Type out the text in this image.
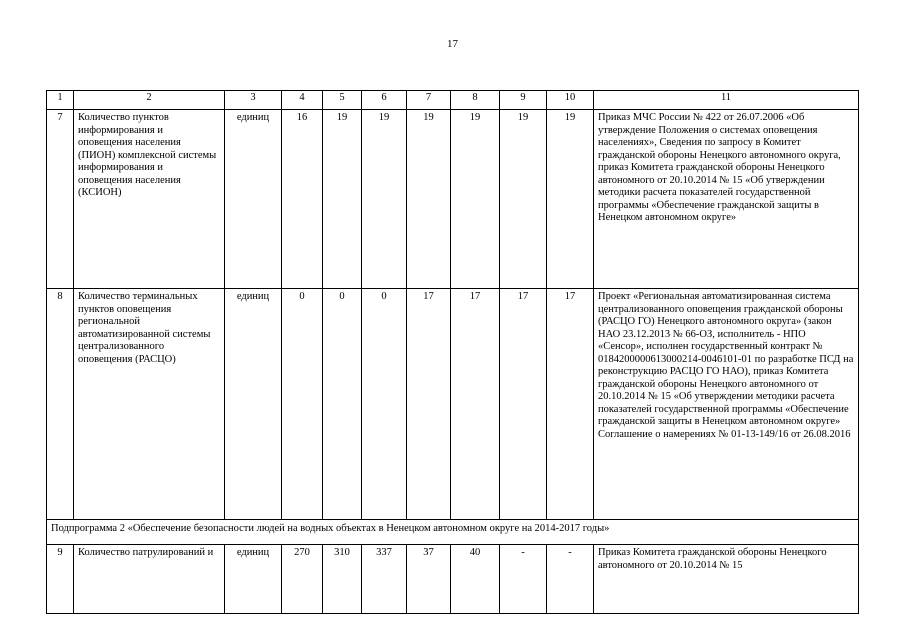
17
1	2	3	4	5	6	7	8	9	10	11
7	Количество пунктов информирования и оповещения населения (ПИОН) комплексной системы информирования и оповещения населения (КСИОН)	единиц	16	19	19	19	19	19	19	Приказ МЧС России № 422 от 26.07.2006 «Об утверждение Положения о системах оповещения населениях», Сведения по запросу в Комитет гражданской обороны Ненецкого автономного округа, приказ Комитета гражданской обороны Ненецкого автономного от 20.10.2014 № 15 «Об утверждении методики расчета показателей государственной программы «Обеспечение гражданской защиты в Ненецком автономном округе»
8	Количество терминальных пунктов оповещения региональной автоматизированной системы централизованного оповещения (РАСЦО)	единиц	0	0	0	17	17	17	17	Проект «Региональная автоматизированная система централизованного оповещения гражданской обороны (РАСЦО ГО) Ненецкого автономного округа» (закон НАО 23.12.2013 № 66-ОЗ, исполнитель - НПО «Сенсор», исполнен государственный контракт № 0184200000613000214-0046101-01 по разработке ПСД на реконструкцию РАСЦО ГО НАО), приказ Комитета гражданской обороны Ненецкого автономного от 20.10.2014 № 15 «Об утверждении методики расчета показателей государственной программы «Обеспечение гражданской защиты в Ненецком автономном округе» Соглашение о намерениях № 01-13-149/16 от 26.08.2016
Подпрограмма 2 «Обеспечение безопасности людей на водных объектах в Ненецком автономном округе на 2014-2017 годы»										
9	Количество патрулирований и	единиц	270	310	337	37	40	-	-	Приказ Комитета гражданской обороны Ненецкого автономного от 20.10.2014 № 15
